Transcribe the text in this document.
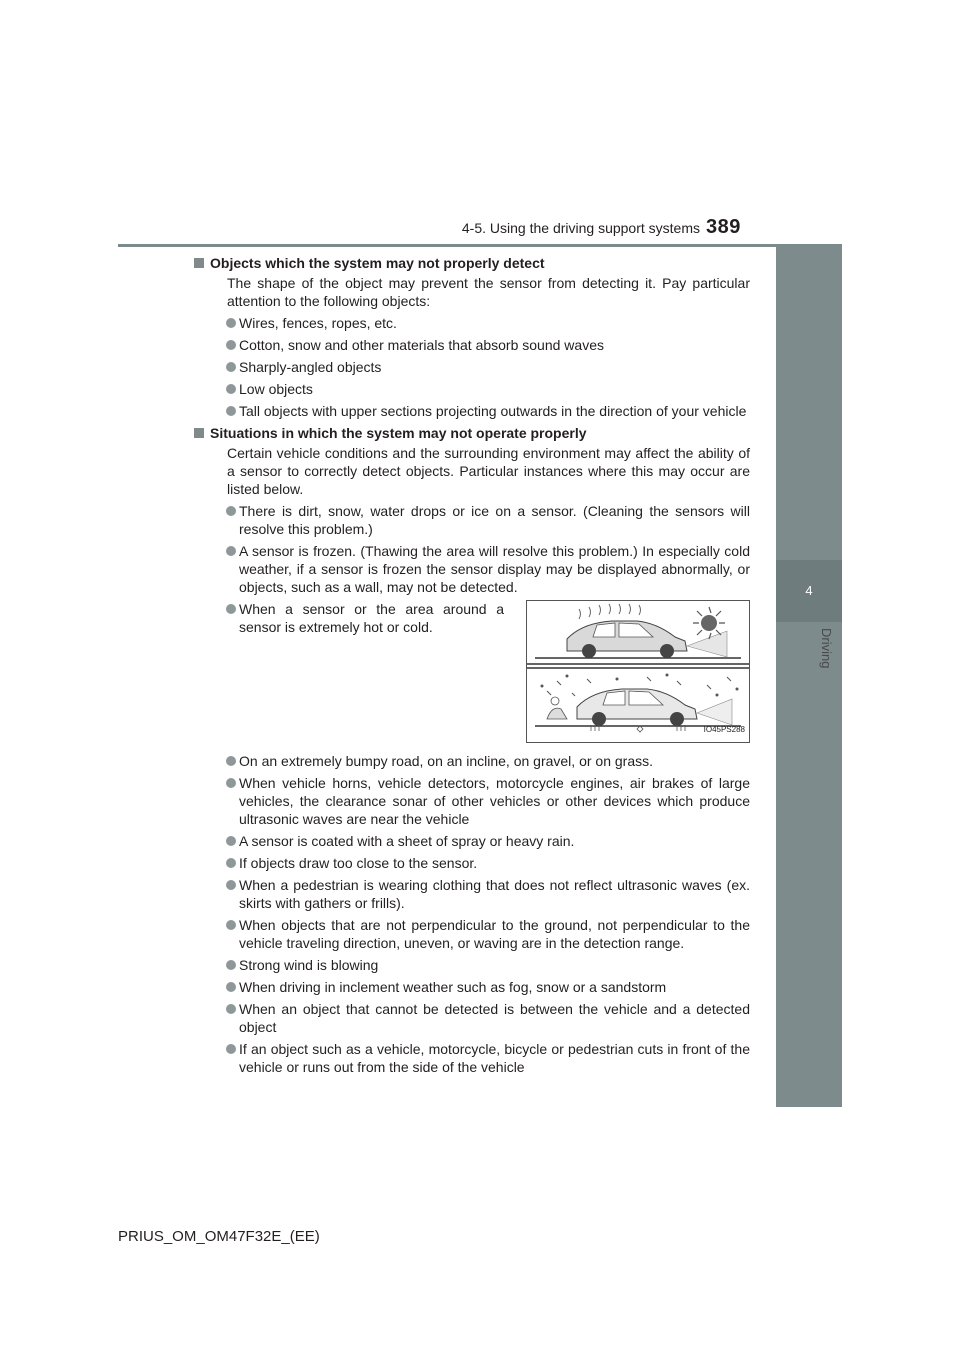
4-5. Using the driving support systems 389
4
Driving
Objects which the system may not properly detect
The shape of the object may prevent the sensor from detecting it. Pay particular attention to the following objects:
Wires, fences, ropes, etc.
Cotton, snow and other materials that absorb sound waves
Sharply-angled objects
Low objects
Tall objects with upper sections projecting outwards in the direction of your vehicle
Situations in which the system may not operate properly
Certain vehicle conditions and the surrounding environment may affect the ability of a sensor to correctly detect objects. Particular instances where this may occur are listed below.
There is dirt, snow, water drops or ice on a sensor. (Cleaning the sensors will resolve this problem.)
A sensor is frozen. (Thawing the area will resolve this problem.) In especially cold weather, if a sensor is frozen the sensor display may be displayed abnormally, or objects, such as a wall, may not be detected.
When a sensor or the area around a sensor is extremely hot or cold.
IO45PS288
On an extremely bumpy road, on an incline, on gravel, or on grass.
When vehicle horns, vehicle detectors, motorcycle engines, air brakes of large vehicles, the clearance sonar of other vehicles or other devices which produce ultrasonic waves are near the vehicle
A sensor is coated with a sheet of spray or heavy rain.
If objects draw too close to the sensor.
When a pedestrian is wearing clothing that does not reflect ultrasonic waves (ex. skirts with gathers or frills).
When objects that are not perpendicular to the ground, not perpendicular to the vehicle traveling direction, uneven, or waving are in the detection range.
Strong wind is blowing
When driving in inclement weather such as fog, snow or a sandstorm
When an object that cannot be detected is between the vehicle and a detected object
If an object such as a vehicle, motorcycle, bicycle or pedestrian cuts in front of the vehicle or runs out from the side of the vehicle
PRIUS_OM_OM47F32E_(EE)
